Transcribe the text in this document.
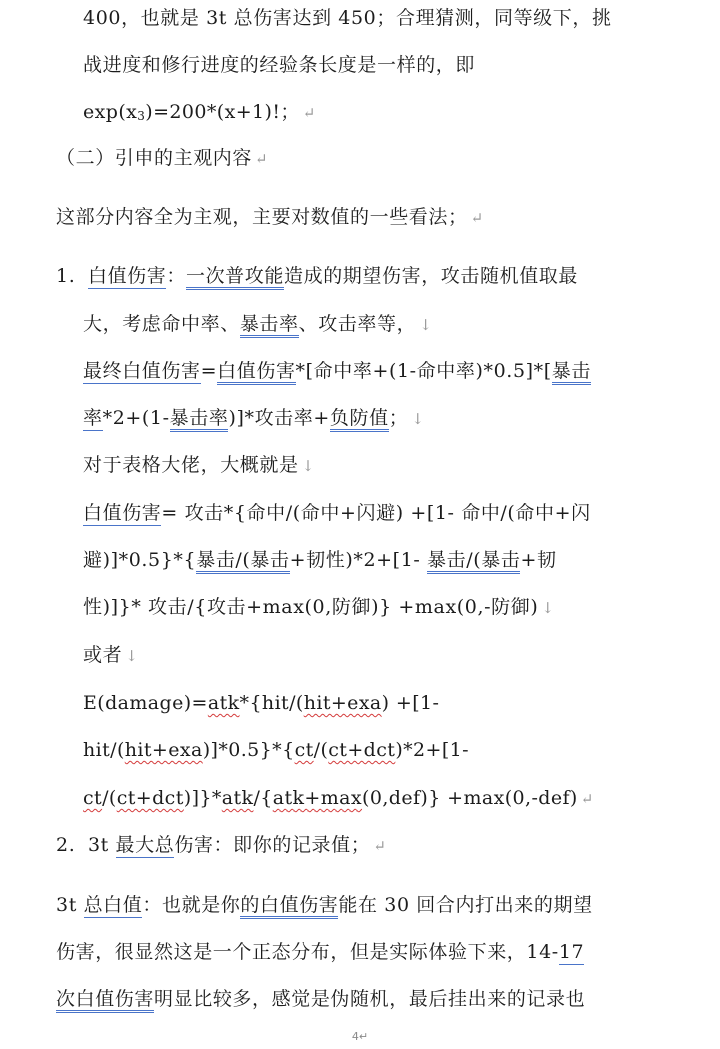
400，也就是 3t 总伤害达到 450；合理猜测，同等级下，挑
战进度和修行进度的经验条长度是一样的，即
exp(x3)=200*(x+1)!； ↵
（二）引申的主观内容 ↵
这部分内容全为主观，主要对数值的一些看法； ↵
1. 白值伤害：一次普攻能造成的期望伤害，攻击随机值取最
大，考虑命中率、暴击率、攻击率等， ↓
最终白值伤害=白值伤害*[命中率+(1-命中率)*0.5]*[暴击
率*2+(1-暴击率)]*攻击率+负防值； ↓
对于表格大佬，大概就是 ↓
白值伤害= 攻击*{命中/(命中+闪避) +[1- 命中/(命中+闪
避)]*0.5}*{暴击/(暴击+韧性)*2+[1- 暴击/(暴击+韧
性)]}* 攻击/{攻击+max(0,防御)} +max(0,-防御) ↓
或者 ↓
E(damage)=atk*{hit/(hit+exa) +[1-
hit/(hit+exa)]*0.5}*{ct/(ct+dct)*2+[1-
ct/(ct+dct)]}*atk/{atk+max(0,def)} +max(0,-def) ↵
2. 3t 最大总伤害：即你的记录值； ↵
3t 总白值：也就是你的白值伤害能在 30 回合内打出来的期望
伤害，很显然这是一个正态分布，但是实际体验下来，14-17
次白值伤害明显比较多，感觉是伪随机，最后挂出来的记录也
4↵
